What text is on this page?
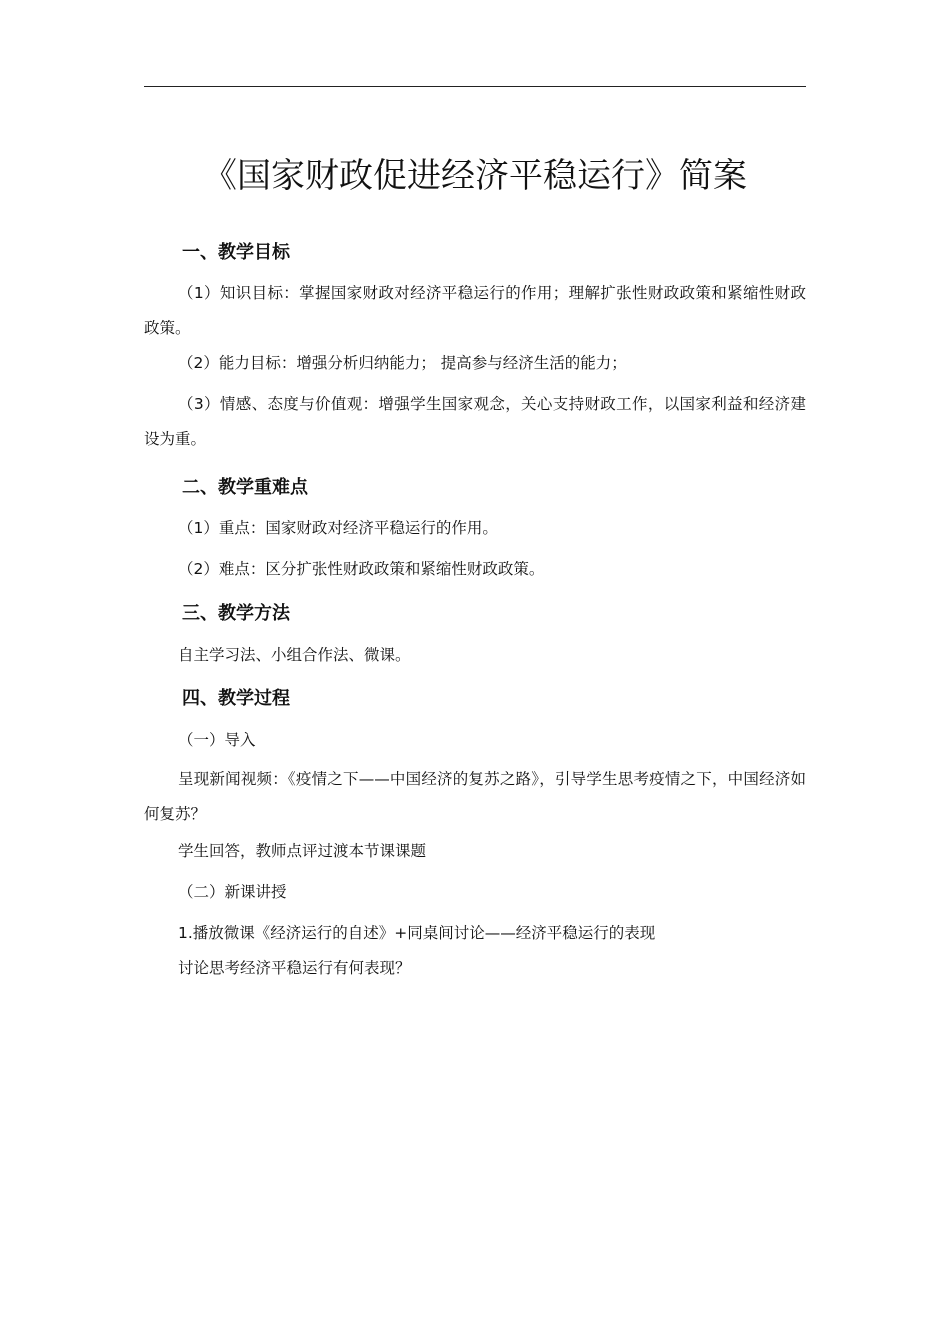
《国家财政促进经济平稳运行》简案
一、教学目标

（1）知识目标：掌握国家财政对经济平稳运行的作用；理解扩张性财政政策和紧缩性财政政策。

（2）能力目标：增强分析归纳能力； 提高参与经济生活的能力；

（3）情感、态度与价值观：增强学生国家观念，关心支持财政工作，以国家利益和经济建设为重。

二、教学重难点

（1）重点：国家财政对经济平稳运行的作用。

（2）难点：区分扩张性财政政策和紧缩性财政政策。

三、教学方法

自主学习法、小组合作法、微课。

四、教学过程

（一）导入

呈现新闻视频：《疫情之下——中国经济的复苏之路》，引导学生思考疫情之下，中国经济如何复苏？

学生回答，教师点评过渡本节课课题

（二）新课讲授

1.播放微课《经济运行的自述》+同桌间讨论——经济平稳运行的表现

讨论思考经济平稳运行有何表现？
